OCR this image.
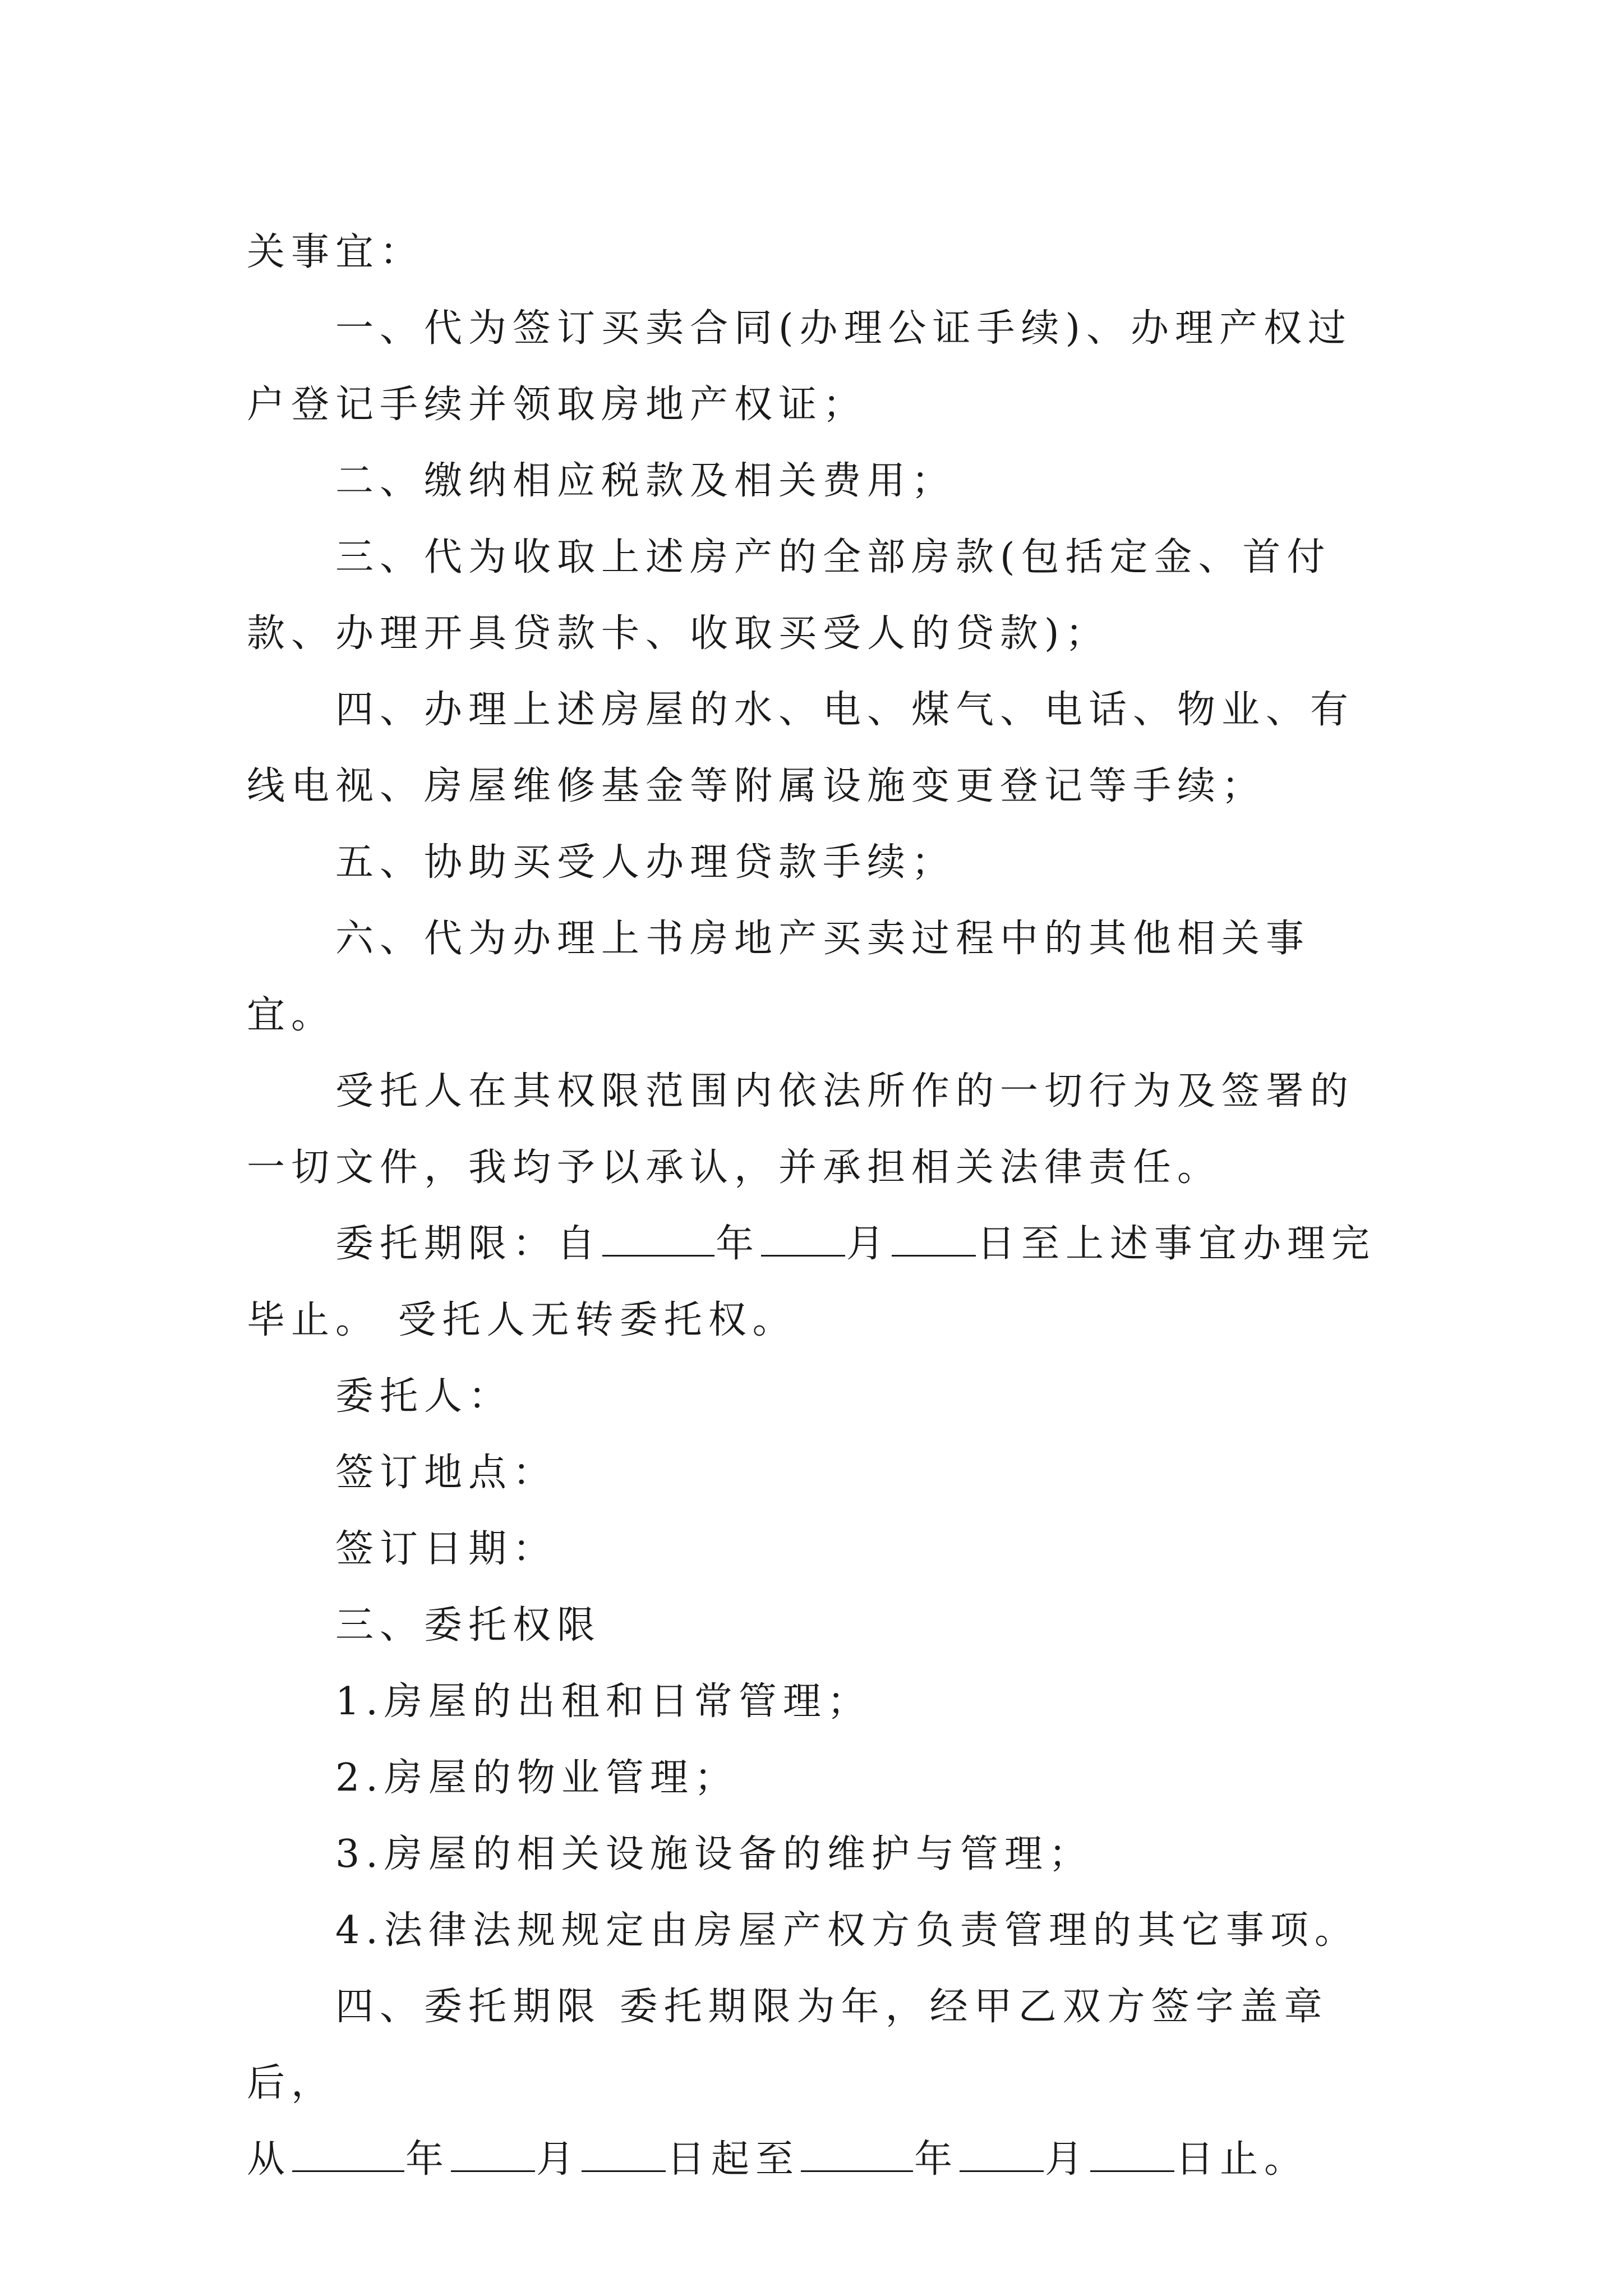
关事宜：

一、代为签订买卖合同(办理公证手续)、办理产权过户登记手续并领取房地产权证；

二、缴纳相应税款及相关费用；

三、代为收取上述房产的全部房款(包括定金、首付款、办理开具贷款卡、收取买受人的贷款)；

四、办理上述房屋的水、电、煤气、电话、物业、有线电视、房屋维修基金等附属设施变更登记等手续；

五、协助买受人办理贷款手续；

六、代为办理上书房地产买卖过程中的其他相关事宜。

受托人在其权限范围内依法所作的一切行为及签署的一切文件，我均予以承认，并承担相关法律责任。

委托期限：自	年 月 日至上述事宜办理完毕止。 受托人无转委托权。

委托人：

签订地点：

签订日期：

三、委托权限

1.房屋的出租和日常管理；

2.房屋的物业管理；

3.房屋的相关设施设备的维护与管理；

4.法律法规规定由房屋产权方负责管理的其它事项。

四、委托期限 委托期限为年，经甲乙双方签字盖章后，

从	年 月 日起至	年 月 日止。
